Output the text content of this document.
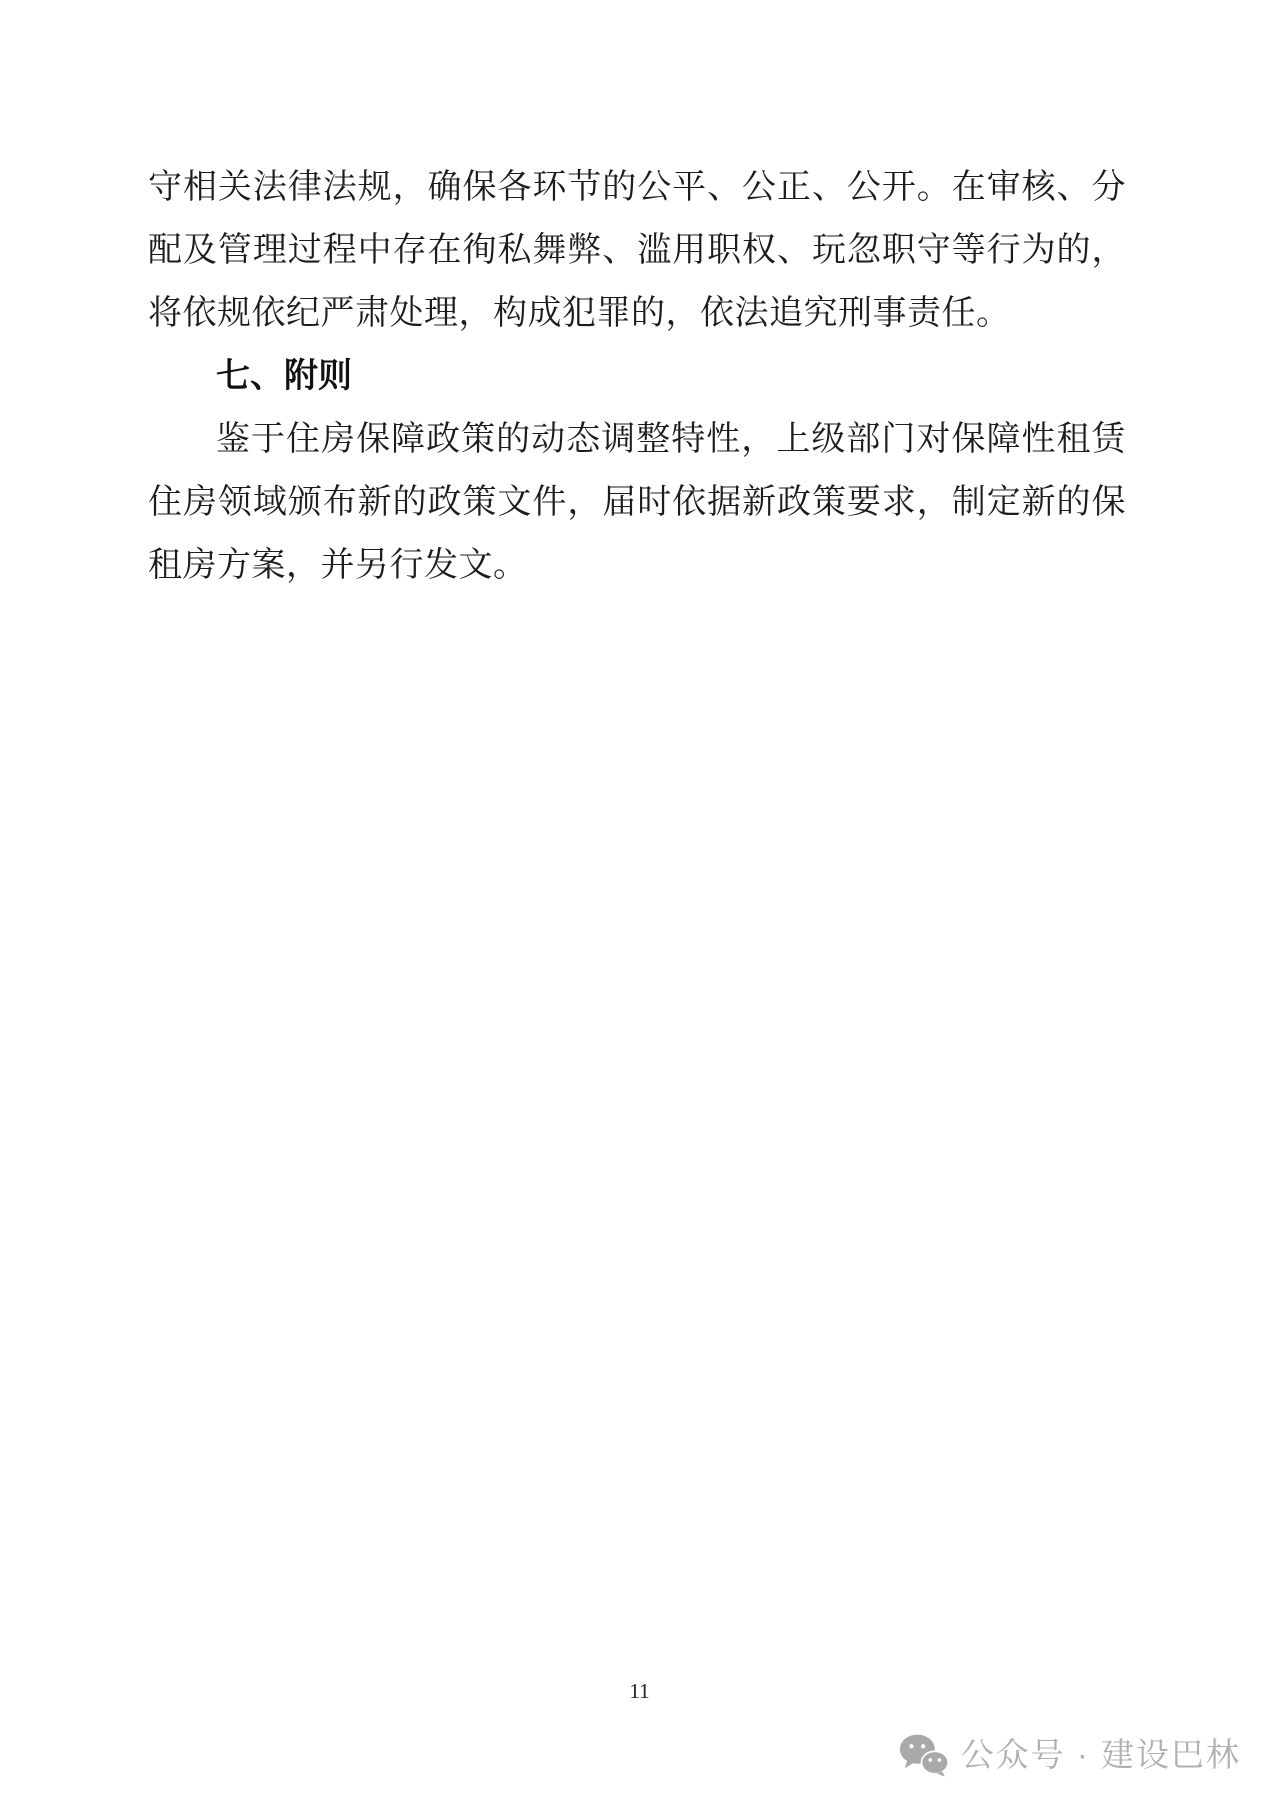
守相关法律法规，确保各环节的公平、公正、公开。在审核、分配及管理过程中存在徇私舞弊、滥用职权、玩忽职守等行为的，将依规依纪严肃处理，构成犯罪的，依法追究刑事责任。

七、附则

鉴于住房保障政策的动态调整特性，上级部门对保障性租赁住房领域颁布新的政策文件，届时依据新政策要求，制定新的保租房方案，并另行发文。

11
公众号 · 建设巴林
